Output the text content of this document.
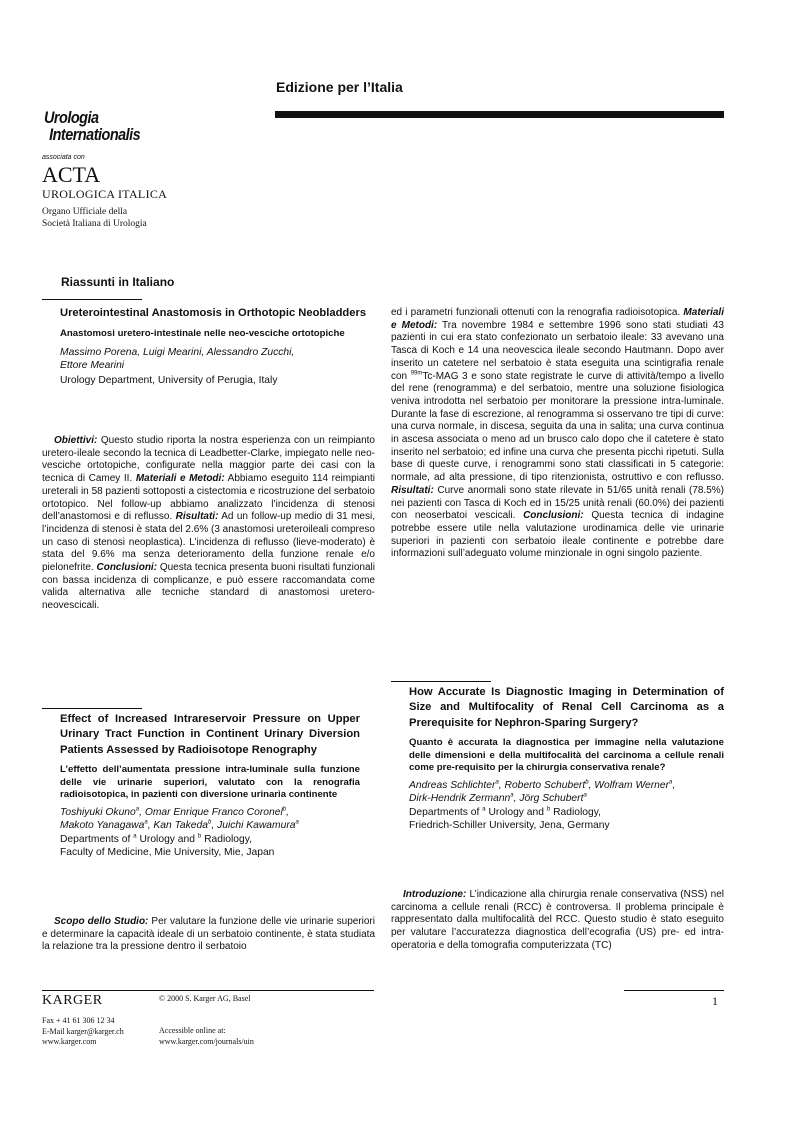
Edizione per l’Italia
Urologia
Internationalis
associata con
ACTA
UROLOGICA ITALICA
Organo Ufficiale della
Società Italiana di Urologia
Riassunti in Italiano
Ureterointestinal Anastomosis in Orthotopic Neobladders
Anastomosi uretero-intestinale nelle neo-vesciche ortotopiche
Massimo Porena, Luigi Mearini, Alessandro Zucchi,
Ettore Mearini
Urology Department, University of Perugia, Italy

Obiettivi: Questo studio riporta la nostra esperienza con un reimpianto uretero-ileale secondo la tecnica di Leadbetter-Clarke, impiegato nelle neo-vesciche ortotopiche, configurate nella maggior parte dei casi con la tecnica di Camey II. Materiali e Metodi: Abbiamo eseguito 114 reimpianti ureterali in 58 pazienti sottoposti a cistectomia e ricostruzione del serbatoio ortotopico. Nel follow-up abbiamo analizzato l’incidenza di stenosi dell’anastomosi e di reflusso. Risultati: Ad un follow-up medio di 31 mesi, l’incidenza di stenosi è stata del 2.6% (3 anastomosi ureteroileali compreso un caso di stenosi neoplastica). L’incidenza di reflusso (lieve-moderato) è stata del 9.6% ma senza deterioramento della funzione renale e/o pielonefrite. Conclusioni: Questa tecnica presenta buoni risultati funzionali con bassa incidenza di complicanze, e può essere raccomandata come valida alternativa alle tecniche standard di anastomosi uretero-neovescicali.

Effect of Increased Intrareservoir Pressure on Upper Urinary Tract Function in Continent Urinary Diversion Patients Assessed by Radioisotope Renography
L’effetto dell’aumentata pressione intra-luminale sulla funzione delle vie urinarie superiori, valutato con la renografia radioisotopica, in pazienti con diversione urinaria continente
Toshiyuki Okuno$^a$, Omar Enrique Franco Coronel$^b$,
Makoto Yanagawa$^a$, Kan Takeda$^b$, Juichi Kawamura$^a$
Departments of $^a$ Urology and $^b$ Radiology,
Faculty of Medicine, Mie University, Mie, Japan

Scopo dello Studio: Per valutare la funzione delle vie urinarie superiori e determinare la capacità ideale di un serbatoio continente, è stata studiata la relazione tra la pressione dentro il serbatoio

ed i parametri funzionali ottenuti con la renografia radioisotopica. Materiali e Metodi: Tra novembre 1984 e settembre 1996 sono stati studiati 43 pazienti in cui era stato confezionato un serbatoio ileale: 33 avevano una Tasca di Koch e 14 una neovescica ileale secondo Hautmann. Dopo aver inserito un catetere nel serbatoio è stata eseguita una scintigrafia renale con $^{99m}$Tc-MAG 3 e sono state registrate le curve di attività/tempo a livello del rene (renogramma) e del serbatoio, mentre una soluzione fisiologica veniva introdotta nel serbatoio per monitorare la pressione intra-luminale. Durante la fase di escrezione, al renogramma si osservano tre tipi di curve: una curva normale, in discesa, seguita da una in salita; una curva continua in ascesa associata o meno ad un brusco calo dopo che il catetere è stato inserito nel serbatoio; ed infine una curva che presenta picchi ripetuti. Sulla base di queste curve, i renogrammi sono stati classificati in 5 categorie: normale, ad alta pressione, di tipo ritenzionista, ostruttivo e con reflusso. Risultati: Curve anormali sono state rilevate in 51/65 unità renali (78.5%) nei pazienti con Tasca di Koch ed in 15/25 unità renali (60.0%) dei pazienti con neoserbatoi vescicali. Conclusioni: Questa tecnica di indagine potrebbe essere utile nella valutazione urodinamica delle vie urinarie superiori in pazienti con serbatoio ileale continente e potrebbe dare informazioni sull’adeguato volume minzionale in ogni singolo paziente.

How Accurate Is Diagnostic Imaging in Determination of Size and Multifocality of Renal Cell Carcinoma as a Prerequisite for Nephron-Sparing Surgery?
Quanto è accurata la diagnostica per immagine nella valutazione delle dimensioni e della multifocalità del carcinoma a cellule renali come pre-requisito per la chirurgia conservativa renale?
Andreas Schlichter$^a$, Roberto Schubert$^b$, Wolfram Werner$^a$,
Dirk-Hendrik Zermann$^a$, Jörg Schubert$^a$
Departments of $^a$ Urology and $^b$ Radiology,
Friedrich-Schiller University, Jena, Germany

Introduzione: L’indicazione alla chirurgia renale conservativa (NSS) nel carcinoma a cellule renali (RCC) è controversa. Il problema principale è rappresentato dalla multifocalità del RCC. Questo studio è stato eseguito per valutare l’accuratezza diagnostica dell’ecografia (US) pre- ed intra-operatoria e della tomografia computerizzata (TC)

KARGER	© 2000 S. Karger AG, Basel	1
Fax + 41 61 306 12 34
E-Mail karger@karger.ch
www.karger.com
Accessible online at:
www.karger.com/journals/uin
